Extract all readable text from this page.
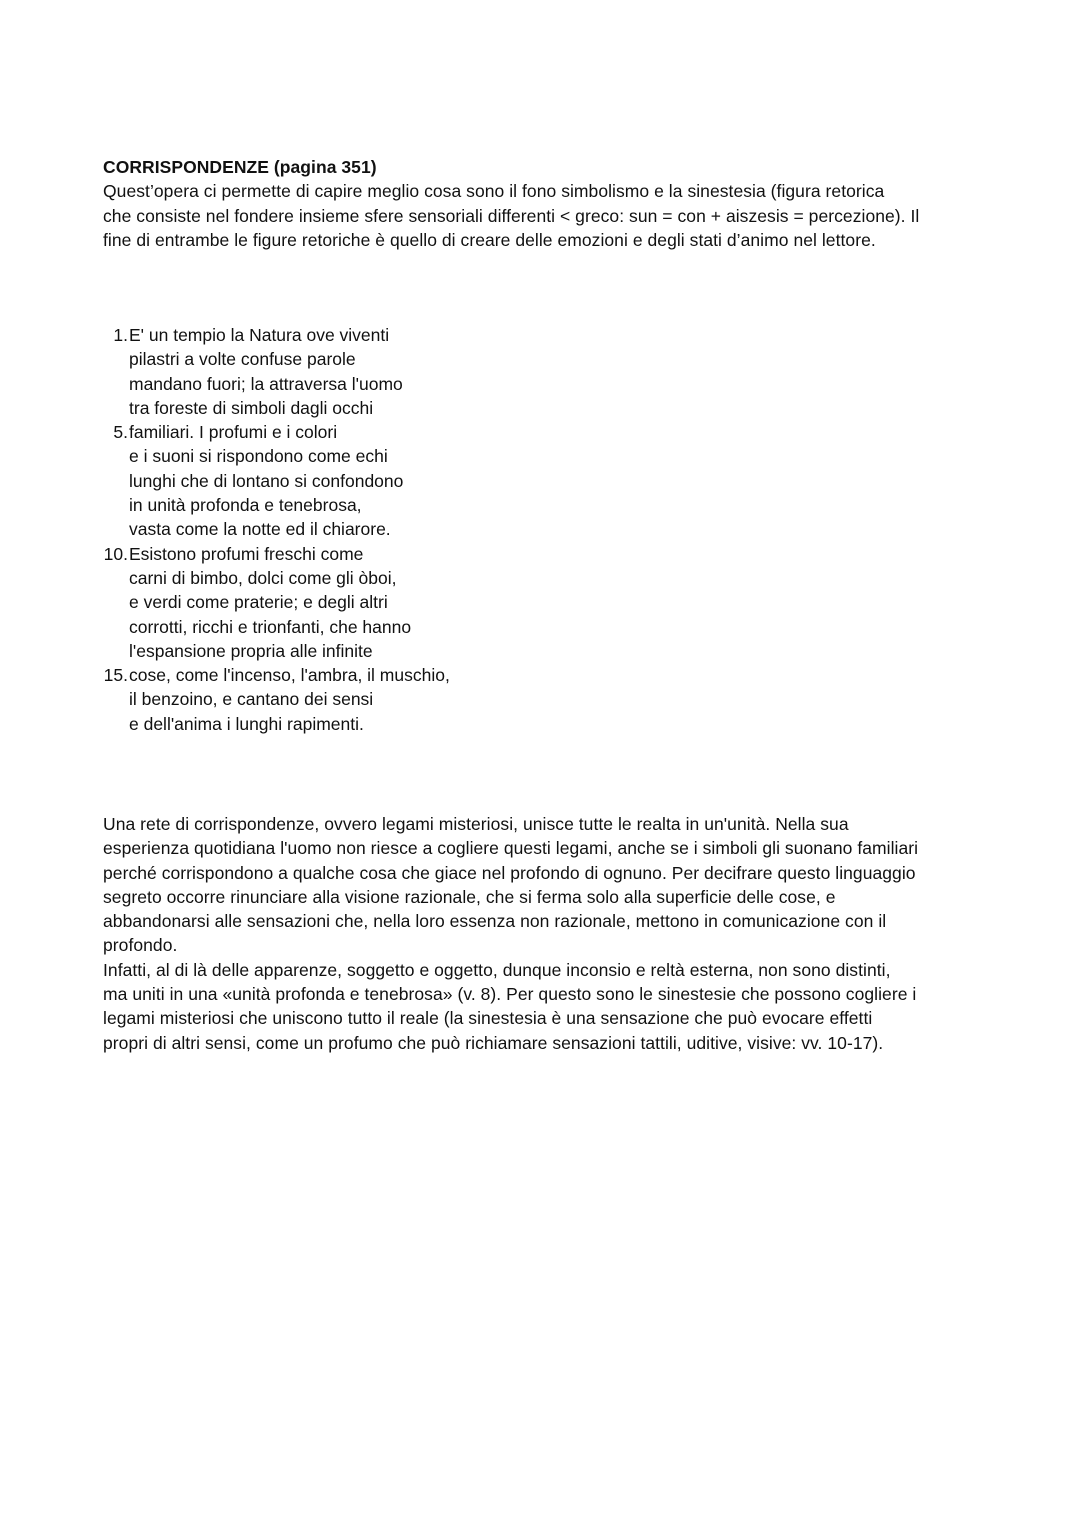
CORRISPONDENZE (pagina 351)
Quest’opera ci permette di capire meglio cosa sono il fono simbolismo e la sinestesia (figura retorica
che consiste nel fondere insieme sfere sensoriali differenti < greco: sun = con + aiszesis = percezione). Il
fine di entrambe le figure retoriche è quello di creare delle emozioni e degli stati d’animo nel lettore.
1. E' un tempio la Natura ove viventi
pilastri a volte confuse parole
mandano fuori; la attraversa l'uomo
tra foreste di simboli dagli occhi
5. familiari. I profumi e i colori
e i suoni si rispondono come echi
lunghi che di lontano si confondono
in unità profonda e tenebrosa,
vasta come la notte ed il chiarore.
10. Esistono profumi freschi come
carni di bimbo, dolci come gli òboi,
e verdi come praterie; e degli altri
corrotti, ricchi e trionfanti, che hanno
l'espansione propria alle infinite
15. cose, come l'incenso, l'ambra, il muschio,
il benzoino, e cantano dei sensi
e dell'anima i lunghi rapimenti.
Una rete di corrispondenze, ovvero legami misteriosi, unisce tutte le realta in un'unità. Nella sua
esperienza quotidiana l'uomo non riesce a cogliere questi legami, anche se i simboli gli suonano familiari
perché corrispondono a qualche cosa che giace nel profondo di ognuno. Per decifrare questo linguaggio
segreto occorre rinunciare alla visione razionale, che si ferma solo alla superficie delle cose, e
abbandonarsi alle sensazioni che, nella loro essenza non razionale, mettono in comunicazione con il
profondo.
Infatti, al di là delle apparenze, soggetto e oggetto, dunque inconsio e reltà esterna, non sono distinti,
ma uniti in una «unità profonda e tenebrosa» (v. 8). Per questo sono le sinestesie che possono cogliere i
legami misteriosi che uniscono tutto il reale (la sinestesia è una sensazione che può evocare effetti
propri di altri sensi, come un profumo che può richiamare sensazioni tattili, uditive, visive: vv. 10-17).
